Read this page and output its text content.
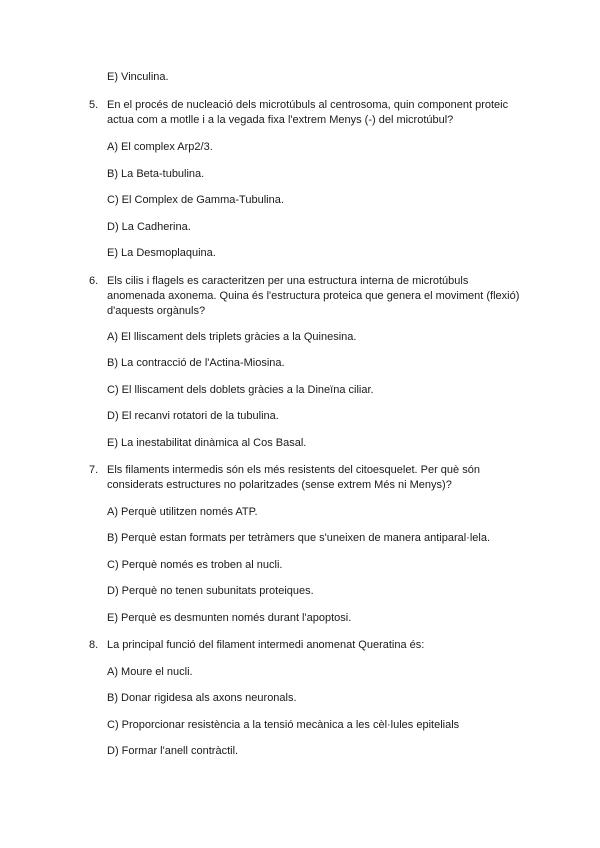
E) Vinculina.
5. En el procés de nucleació dels microtúbuls al centrosoma, quin component proteic
actua com a motlle i a la vegada fixa l'extrem Menys (-) del microtúbul?
A) El complex Arp2/3.
B) La Beta-tubulina.
C) El Complex de Gamma-Tubulina.
D) La Cadherina.
E) La Desmoplaquina.
6. Els cilis i flagels es caracteritzen per una estructura interna de microtúbuls
anomenada axonema. Quina és l'estructura proteica que genera el moviment (flexió)
d'aquests orgànuls?
A) El lliscament dels triplets gràcies a la Quinesina.
B) La contracció de l'Actina-Miosina.
C) El lliscament dels doblets gràcies a la Dineïna ciliar.
D) El recanvi rotatori de la tubulina.
E) La inestabilitat dinàmica al Cos Basal.
7. Els filaments intermedis són els més resistents del citoesquelet. Per què són
considerats estructures no polaritzades (sense extrem Més ni Menys)?
A) Perquè utilitzen només ATP.
B) Perquè estan formats per tetràmers que s'uneixen de manera antiparal·lela.
C) Perquè només es troben al nucli.
D) Perquè no tenen subunitats proteiques.
E) Perquè es desmunten només durant l'apoptosi.
8. La principal funció del filament intermedi anomenat Queratina és:
A) Moure el nucli.
B) Donar rigidesa als axons neuronals.
C) Proporcionar resistència a la tensió mecànica a les cèl·lules epitelials
D) Formar l'anell contràctil.
